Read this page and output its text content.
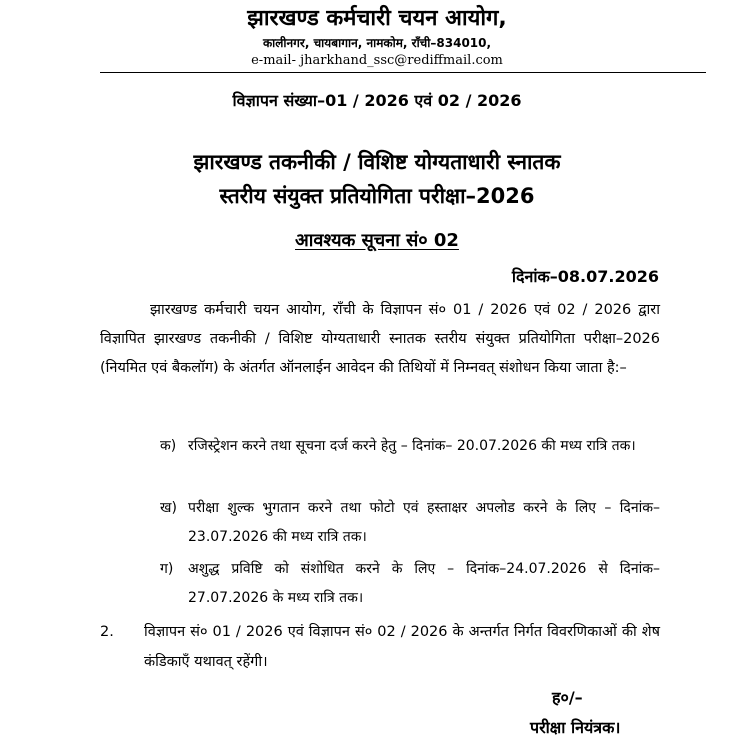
झारखण्ड कर्मचारी चयन आयोग,
कालीनगर, चायबागान, नामकोम, राँची–834010,
e-mail- jharkhand_ssc@rediffmail.com
विज्ञापन संख्या–01 / 2026 एवं 02 / 2026
झारखण्ड तकनीकी / विशिष्ट योग्यताधारी स्नातक
स्तरीय संयुक्त प्रतियोगिता परीक्षा–2026
आवश्यक सूचना सं० 02
दिनांक–08.07.2026
झारखण्ड कर्मचारी चयन आयोग, राँची के विज्ञापन सं० 01 / 2026 एवं 02 / 2026 द्वारा विज्ञापित झारखण्ड तकनीकी / विशिष्ट योग्यताधारी स्नातक स्तरीय संयुक्त प्रतियोगिता परीक्षा–2026 (नियमित एवं बैकलॉग) के अंतर्गत ऑनलाईन आवेदन की तिथियों में निम्नवत् संशोधन किया जाता है:–
क) रजिस्ट्रेशन करने तथा सूचना दर्ज करने हेतु – दिनांक– 20.07.2026 की मध्य रात्रि तक।
ख) परीक्षा शुल्क भुगतान करने तथा फोटो एवं हस्ताक्षर अपलोड करने के लिए – दिनांक– 23.07.2026 की मध्य रात्रि तक।
ग) अशुद्ध प्रविष्टि को संशोधित करने के लिए – दिनांक–24.07.2026 से दिनांक– 27.07.2026 के मध्य रात्रि तक।
2. विज्ञापन सं० 01 / 2026 एवं विज्ञापन सं० 02 / 2026 के अन्तर्गत निर्गत विवरणिकाओं की शेष कंडिकाएँ यथावत् रहेंगी।
ह०/–
परीक्षा नियंत्रक।
